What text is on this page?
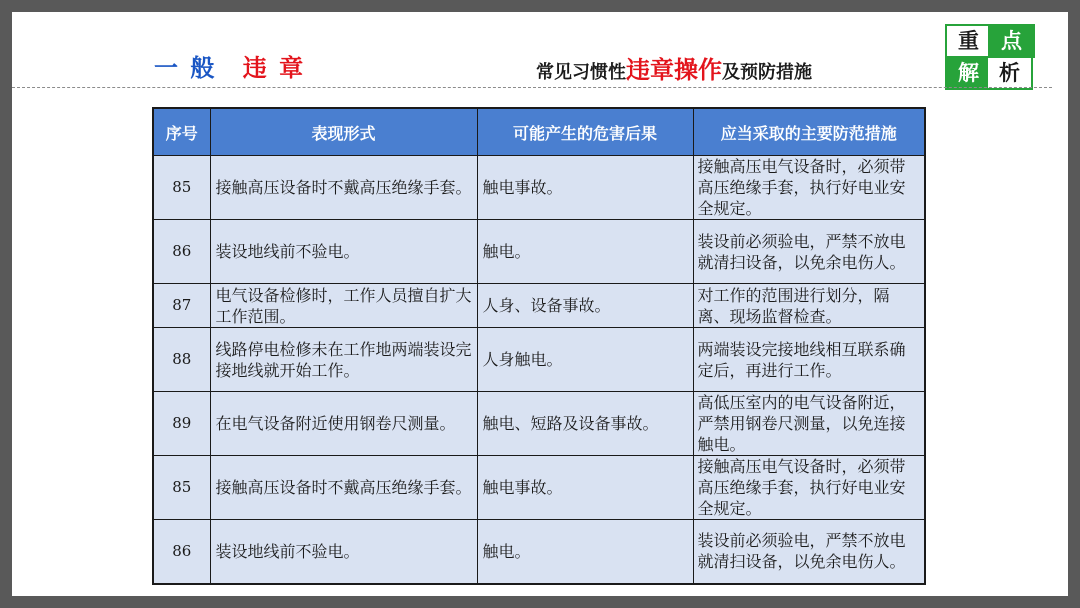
一 般 违 章	常见习惯性违章操作及预防措施
重	点
解 析
序号	表现形式	可能产生的危害后果	应当采取的主要防范措施
85	接触高压设备时不戴高压绝缘手套。	触电事故。	接触高压电气设备时，必须带高压绝缘手套，执行好电业安全规定。
86	装设地线前不验电。	触电。	装设前必须验电，严禁不放电就清扫设备，以免余电伤人。
87	电气设备检修时，工作人员擅自扩大工作范围。	人身、设备事故。	对工作的范围进行划分，隔离、现场监督检查。
88	线路停电检修未在工作地两端装设完接地线就开始工作。	人身触电。	两端装设完接地线相互联系确定后，再进行工作。
89	在电气设备附近使用钢卷尺测量。	触电、短路及设备事故。	高低压室内的电气设备附近，严禁用钢卷尺测量，以免连接触电。
85	接触高压设备时不戴高压绝缘手套。	触电事故。	接触高压电气设备时，必须带高压绝缘手套，执行好电业安全规定。
86	装设地线前不验电。	触电。	装设前必须验电，严禁不放电就清扫设备，以免余电伤人。
